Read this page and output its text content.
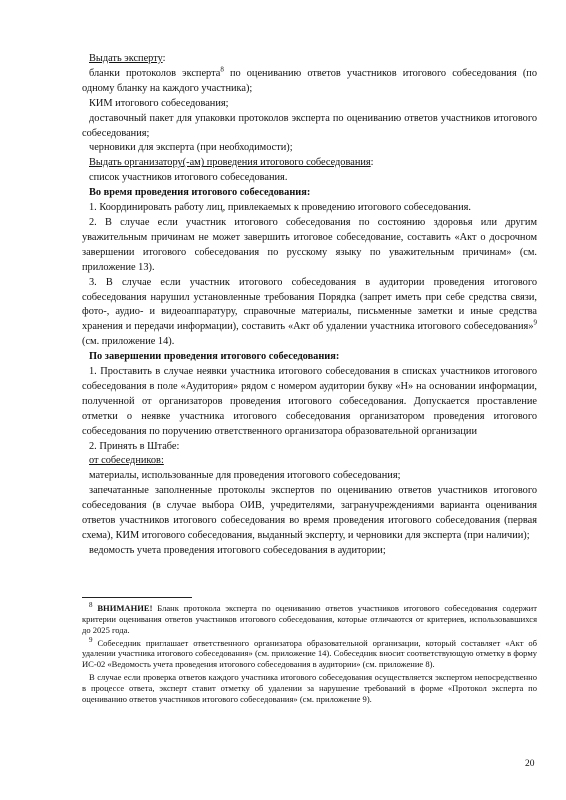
Выдать эксперту:

бланки протоколов эксперта$^8$ по оцениванию ответов участников итогового собеседования (по одному бланку на каждого участника);

КИМ итогового собеседования;

доставочный пакет для упаковки протоколов эксперта по оцениванию ответов участников итогового собеседования;

черновики для эксперта (при необходимости);

Выдать организатору(-ам) проведения итогового собеседования:

список участников итогового собеседования.

Во время проведения итогового собеседования:

1. Координировать работу лиц, привлекаемых к проведению итогового собеседования.

2. В случае если участник итогового собеседования по состоянию здоровья или другим уважительным причинам не может завершить итоговое собеседование, составить «Акт о досрочном завершении итогового собеседования по русскому языку по уважительным причинам» (см. приложение 13).

3. В случае если участник итогового собеседования в аудитории проведения итогового собеседования нарушил установленные требования Порядка (запрет иметь при себе средства связи, фото-, аудио- и видеоаппаратуру, справочные материалы, письменные заметки и иные средства хранения и передачи информации), составить «Акт об удалении участника итогового собеседования»$^9$ (см. приложение 14).

По завершении проведения итогового собеседования:

1. Проставить в случае неявки участника итогового собеседования в списках участников итогового собеседования в поле «Аудитория» рядом с номером аудитории букву «Н» на основании информации, полученной от организаторов проведения итогового собеседования. Допускается проставление отметки о неявке участника итогового собеседования организатором проведения итогового собеседования по поручению ответственного организатора образовательной организации

2. Принять в Штабе:

от собеседников:

материалы, использованные для проведения итогового собеседования;

запечатанные заполненные протоколы экспертов по оцениванию ответов участников итогового собеседования (в случае выбора ОИВ, учредителями, загранучреждениями варианта оценивания ответов участников итогового собеседования во время проведения итогового собеседования (первая схема), КИМ итогового собеседования, выданный эксперту, и черновики для эксперта (при наличии);

ведомость учета проведения итогового собеседования в аудитории;

$^8$ ВНИМАНИЕ! Бланк протокола эксперта по оцениванию ответов участников итогового собеседования содержит критерии оценивания ответов участников итогового собеседования, которые отличаются от критериев, использовавшихся до 2025 года.

$^9$ Собеседник приглашает ответственного организатора образовательной организации, который составляет «Акт об удалении участника итогового собеседования» (см. приложение 14). Собеседник вносит соответствующую отметку в форму ИС-02 «Ведомость учета проведения итогового собеседования в аудитории» (см. приложение 8).

В случае если проверка ответов каждого участника итогового собеседования осуществляется экспертом непосредственно в процессе ответа, эксперт ставит отметку об удалении за нарушение требований в форме «Протокол эксперта по оцениванию ответов участников итогового собеседования» (см. приложение 9).

20
